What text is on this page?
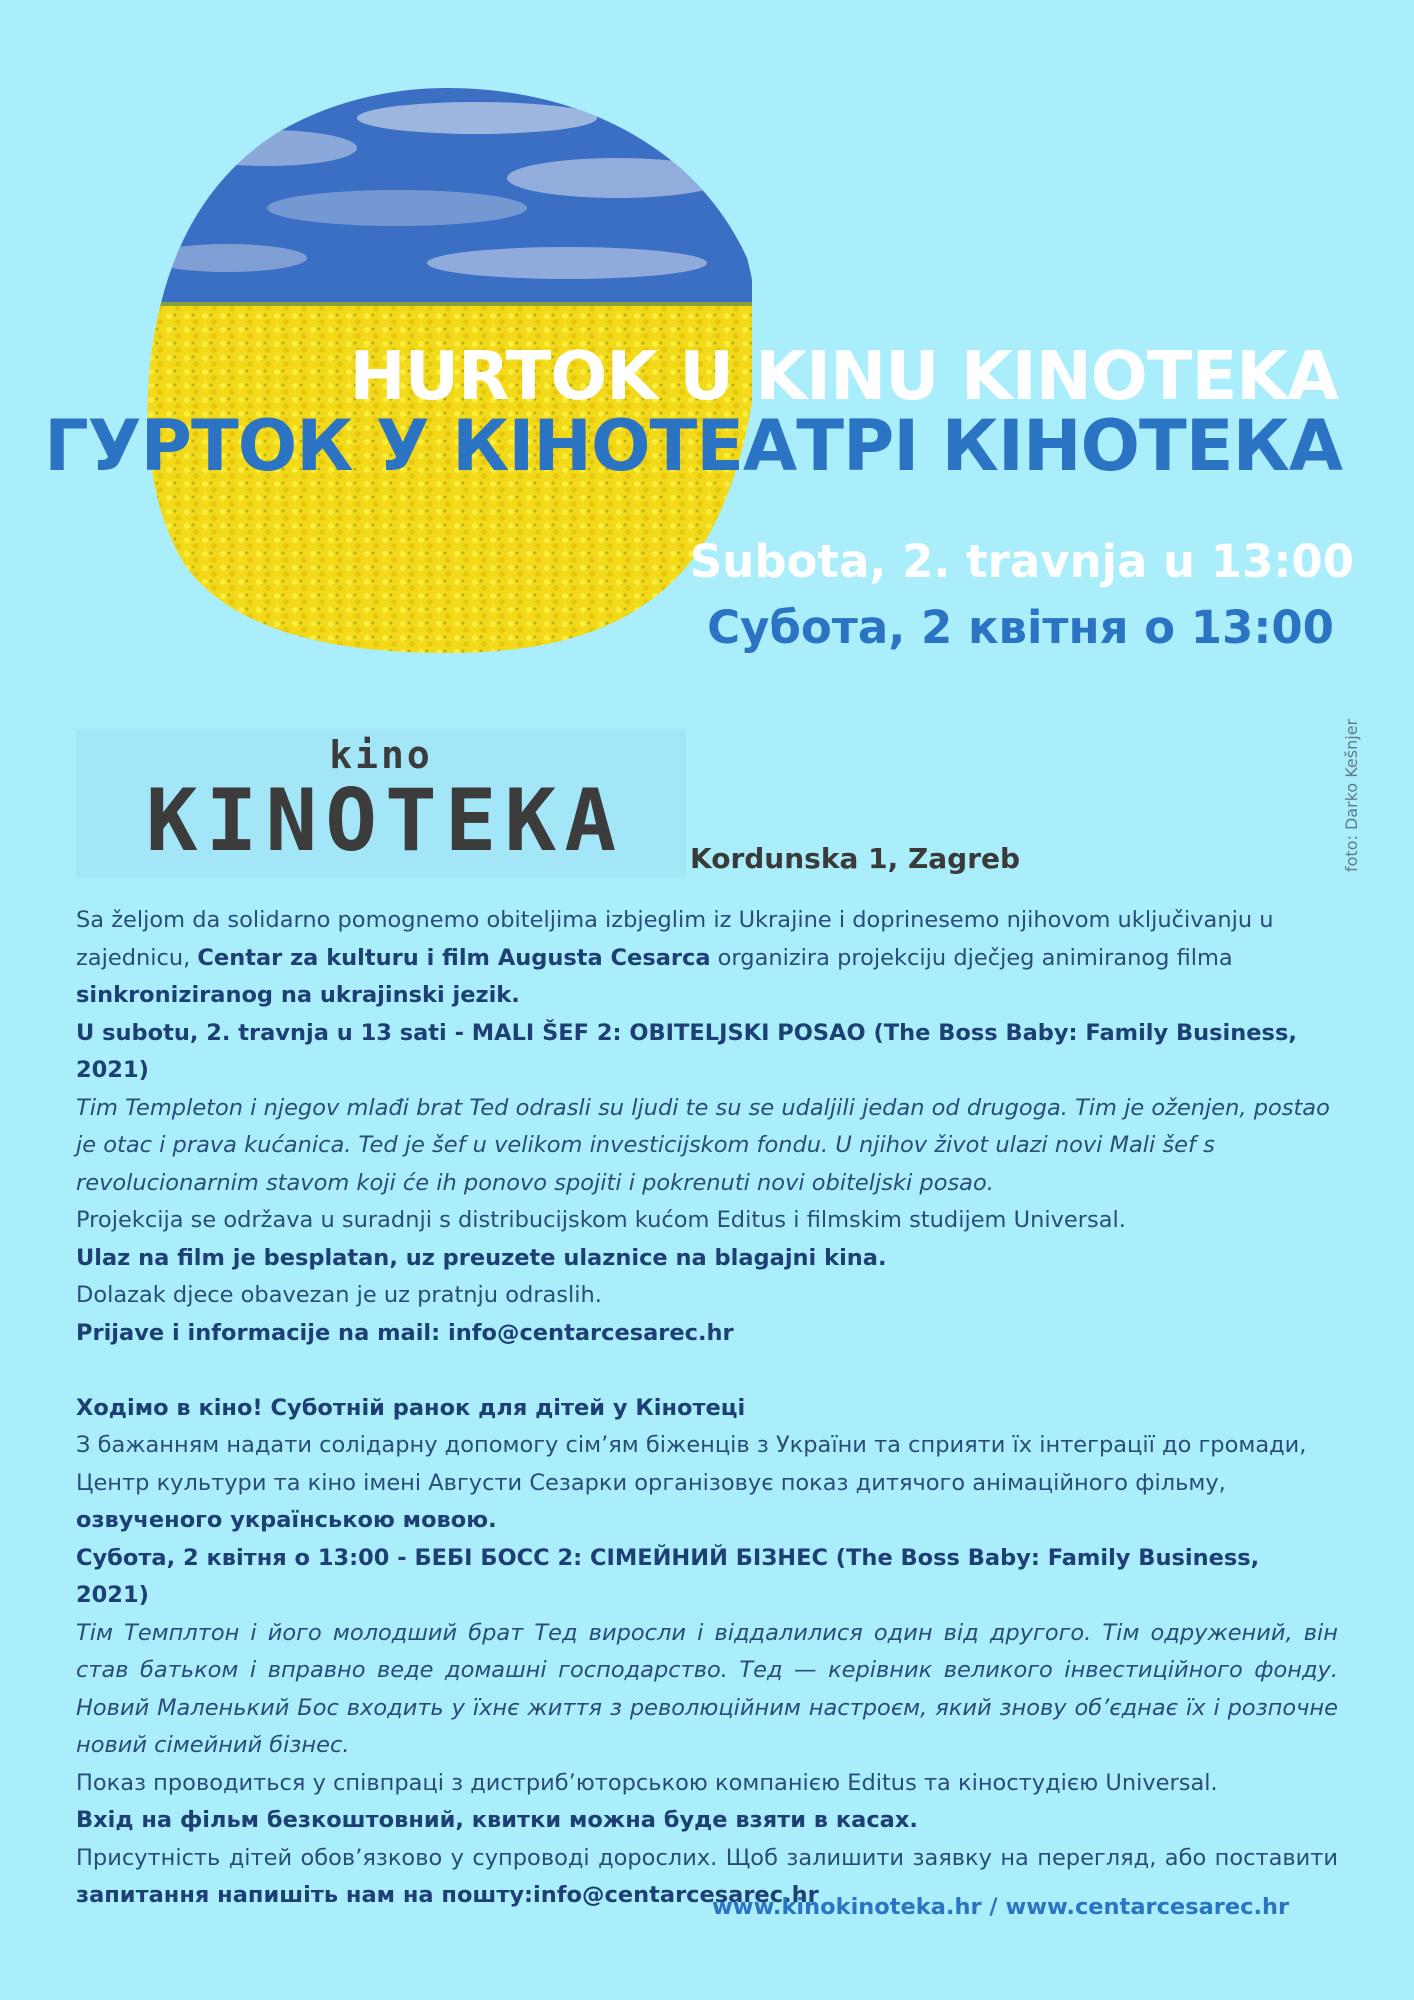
HURTOK U KINU KINOTEKA
ГУРТОК У КІНОТЕАТРІ КІНОТЕКА
Subota, 2. travnja u 13:00
Субота, 2 квітня о 13:00
kino
KINOTEKA	Kordunska 1, Zagreb	foto: Darko Kešnjer

Sa željom da solidarno pomognemo obiteljima izbjeglim iz Ukrajine i doprinesemo njihovom uključivanju u zajednicu, Centar za kulturu i film Augusta Cesarca organizira projekciju dječjeg animiranog filma sinkroniziranog na ukrajinski jezik.

U subotu, 2. travnja u 13 sati - MALI ŠEF 2: OBITELJSKI POSAO (The Boss Baby: Family Business, 2021)

Tim Templeton i njegov mlađi brat Ted odrasli su ljudi te su se udaljili jedan od drugoga. Tim je oženjen, postao je otac i prava kućanica. Ted je šef u velikom investicijskom fondu. U njihov život ulazi novi Mali šef s revolucionarnim stavom koji će ih ponovo spojiti i pokrenuti novi obiteljski posao.

Projekcija se održava u suradnji s distribucijskom kućom Editus i filmskim studijem Universal.

Ulaz na film je besplatan, uz preuzete ulaznice na blagajni kina.

Dolazak djece obavezan je uz pratnju odraslih.

Prijave i informacije na mail: info@centarcesarec.hr

Ходімо в кіно! Суботній ранок для дітей у Кінотеці

З бажанням надати солідарну допомогу сім’ям біженців з України та сприяти їх інтеграції до громади, Центр культури та кіно імені Августи Сезарки організовує показ дитячого анімаційного фільму, озвученого українською мовою.

Субота, 2 квітня о 13:00 - БЕБІ БОСС 2: СІМЕЙНИЙ БІЗНЕС (The Boss Baby: Family Business, 2021)

Тім Темплтон і його молодший брат Тед виросли і віддалилися один від другого. Тім одружений, він став батьком і вправно веде домашні господарство. Тед — керівник великого інвестиційного фонду. Новий Маленький Бос входить у їхнє життя з революційним настроєм, який знову об’єднає їх і розпочне новий сімейний бізнес.

Показ проводиться у співпраці з дистриб’юторською компанією Editus та кіностудією Universal.

Вхід на фільм безкоштовний, квитки можна буде взяти в касах.

Присутність дітей обов’язково у супроводі дорослих. Щоб залишити заявку на перегляд, або поставити запитання напишіть нам на пошту:info@centarcesarec.hr

www.kinokinoteka.hr / www.centarcesarec.hr
